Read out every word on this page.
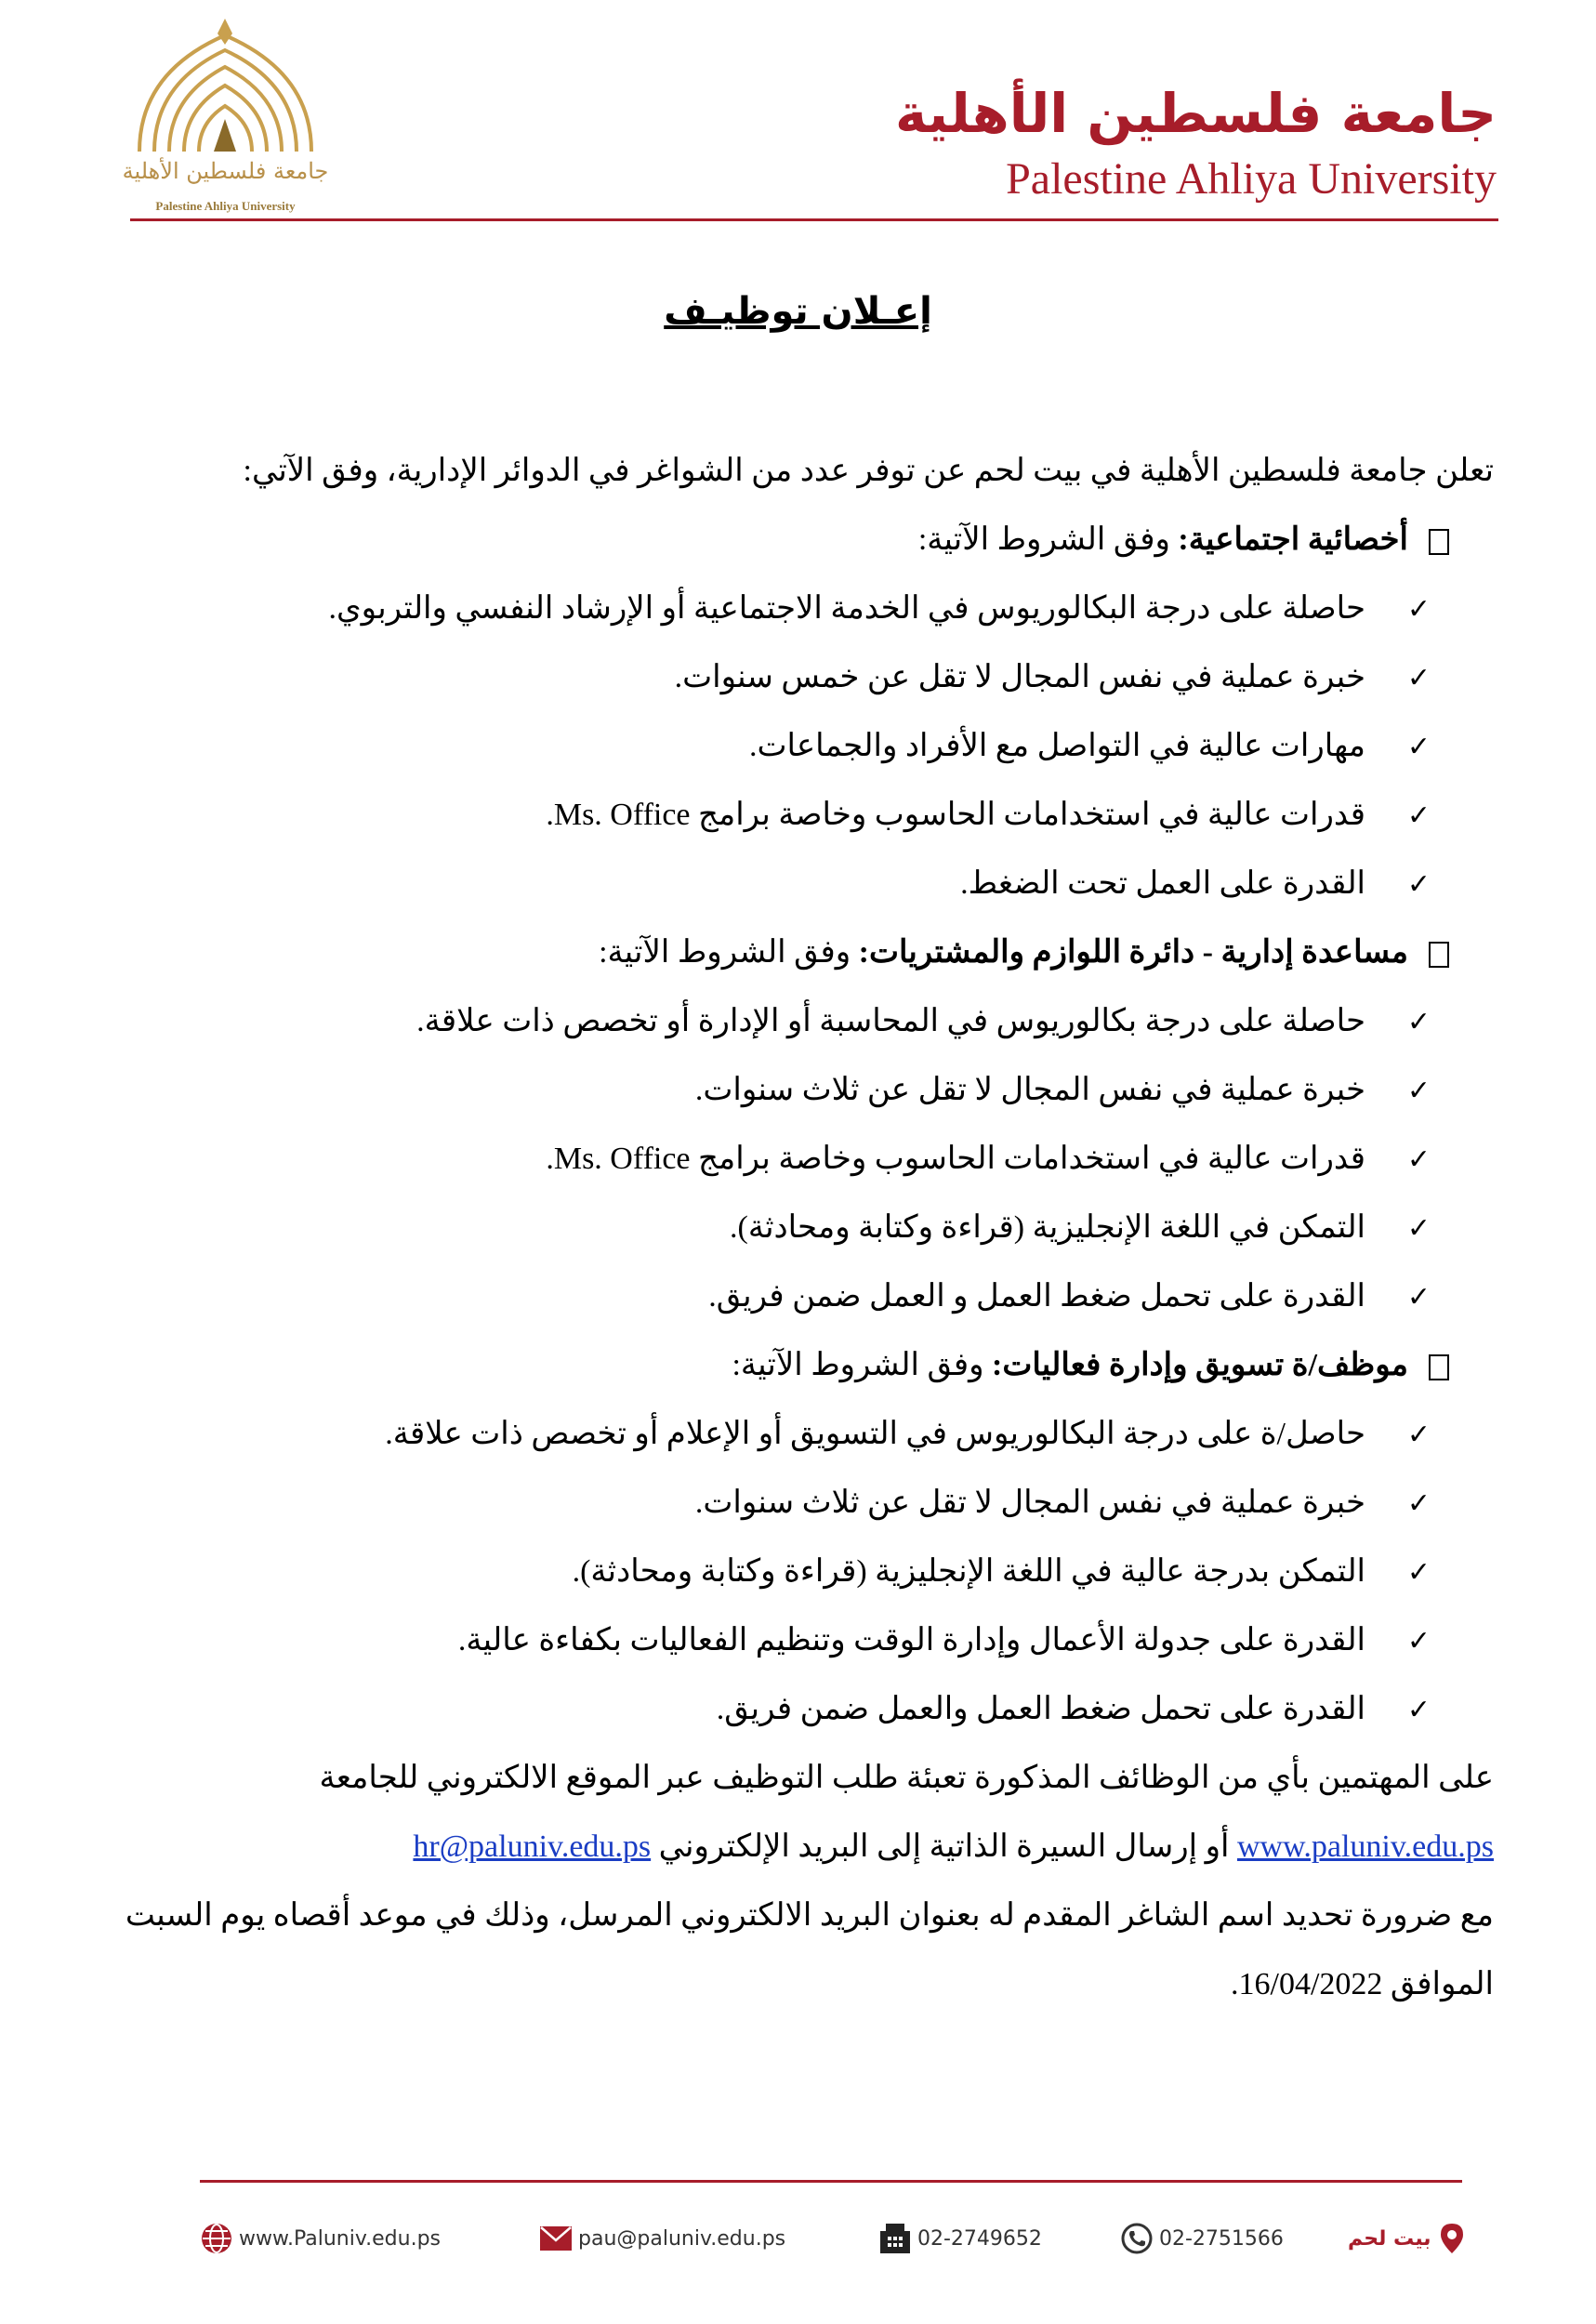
جامعة فلسطين الأهلية
Palestine Ahliya University
جامعة فلسطين الأهلية
Palestine Ahliya University
إعـلان توظيـف
تعلن جامعة فلسطين الأهلية في بيت لحم عن توفر عدد من الشواغر في الدوائر الإدارية، وفق الآتي:
أخصائية اجتماعية: وفق الشروط الآتية:
✓حاصلة على درجة البكالوريوس في الخدمة الاجتماعية أو الإرشاد النفسي والتربوي.
✓خبرة عملية في نفس المجال لا تقل عن خمس سنوات.
✓مهارات عالية في التواصل مع الأفراد والجماعات.
✓قدرات عالية في استخدامات الحاسوب وخاصة برامج Ms. Office.
✓القدرة على العمل تحت الضغط.
مساعدة إدارية - دائرة اللوازم والمشتريات: وفق الشروط الآتية:
✓حاصلة على درجة بكالوريوس في المحاسبة أو الإدارة أو تخصص ذات علاقة.
✓خبرة عملية في نفس المجال لا تقل عن ثلاث سنوات.
✓قدرات عالية في استخدامات الحاسوب وخاصة برامج Ms. Office.
✓التمكن في اللغة الإنجليزية (قراءة وكتابة ومحادثة).
✓القدرة على تحمل ضغط العمل و العمل ضمن فريق.
موظف/ة تسويق وإدارة فعاليات: وفق الشروط الآتية:
✓حاصل/ة على درجة البكالوريوس في التسويق أو الإعلام أو تخصص ذات علاقة.
✓خبرة عملية في نفس المجال لا تقل عن ثلاث سنوات.
✓التمكن بدرجة عالية في اللغة الإنجليزية (قراءة وكتابة ومحادثة).
✓القدرة على جدولة الأعمال وإدارة الوقت وتنظيم الفعاليات بكفاءة عالية.
✓القدرة على تحمل ضغط العمل والعمل ضمن فريق.
على المهتمين بأي من الوظائف المذكورة تعبئة طلب التوظيف عبر الموقع الالكتروني للجامعة
www.paluniv.edu.ps أو إرسال السيرة الذاتية إلى البريد الإلكتروني hr@paluniv.edu.ps
مع ضرورة تحديد اسم الشاغر المقدم له بعنوان البريد الالكتروني المرسل، وذلك في موعد أقصاه يوم السبت
الموافق 16/04/2022.
www.Paluniv.edu.ps	pau@paluniv.edu.ps	02-2749652	02-2751566	بيت لحم
